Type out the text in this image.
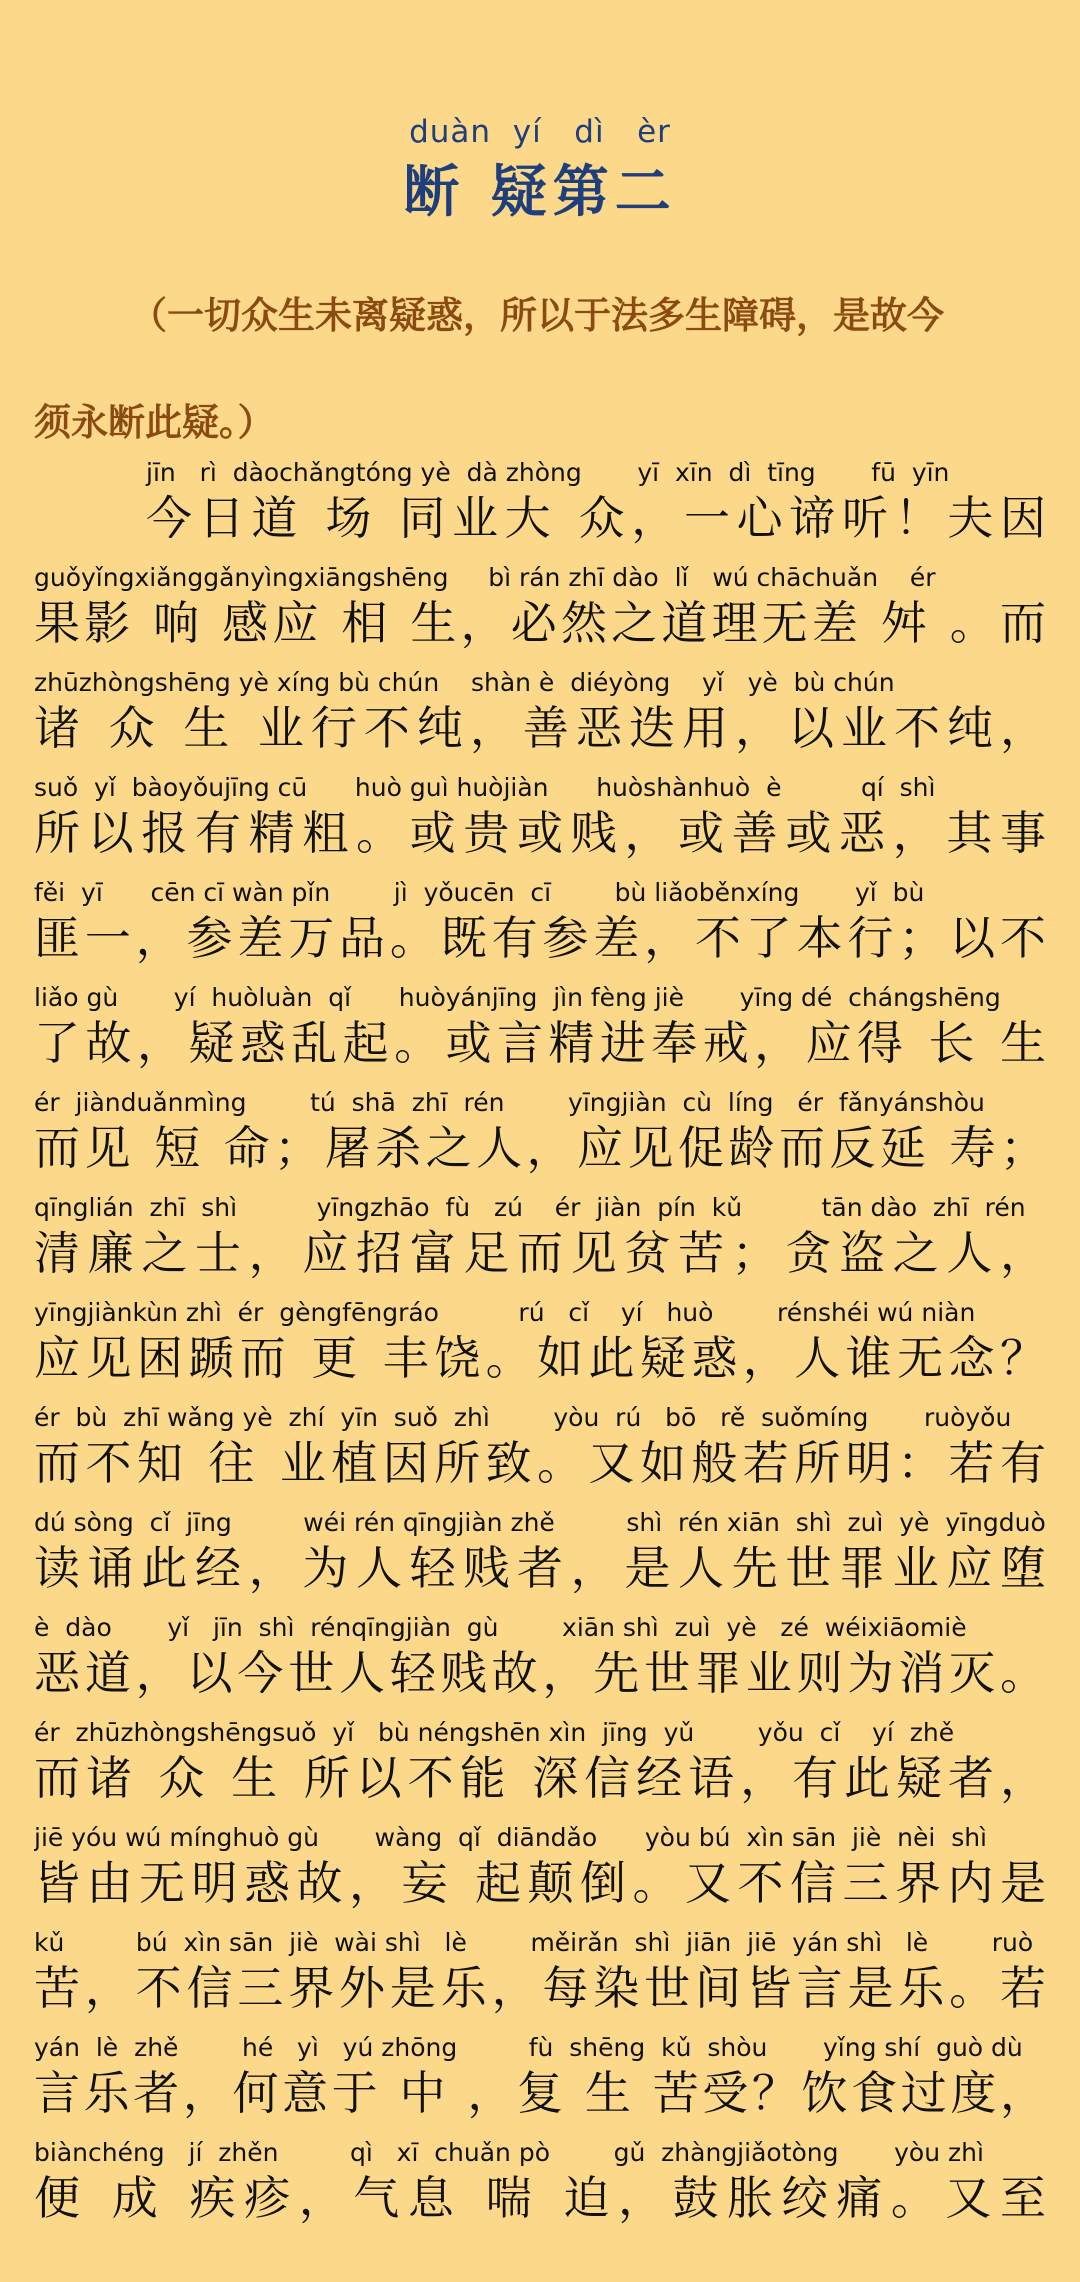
duàn  yí   dì   èr
断 疑第二
（一切众生未离疑惑，所以于法多生障碍，是故今
须永断此疑。）
jīn   rì  dàochǎngtóng yè  dà zhòng       yī  xīn  dì  tīng       fū  yīn
今日道 场 同业大 众，一心谛听！夫因
guǒyǐngxiǎnggǎnyìngxiāngshēng     bì rán zhī dào  lǐ   wú chāchuǎn    ér
果影 响 感应 相 生，必然之道理无差 舛 。而
zhūzhòngshēng yè xíng bù chún    shàn è  diéyòng    yǐ   yè  bù chún
诸 众 生 业行不纯，善恶迭用，以业不纯，
suǒ  yǐ  bàoyǒujīng cū      huò guì huòjiàn      huòshànhuò  è          qí  shì
所以报有精粗。或贵或贱，或善或恶，其事
fěi  yī      cēn cī wàn pǐn        jì  yǒucēn  cī        bù liǎoběnxíng       yǐ  bù
匪一，参差万品。既有参差，不了本行；以不
liǎo gù       yí  huòluàn  qǐ      huòyánjīng  jìn fèng jiè       yīng dé  chángshēng
了故，疑惑乱起。或言精进奉戒，应得 长 生
ér  jiànduǎnmìng        tú  shā  zhī  rén        yīngjiàn  cù  líng   ér  fǎnyánshòu
而见 短 命；屠杀之人，应见促龄而反延 寿；
qīnglián  zhī  shì          yīngzhāo  fù   zú    ér  jiàn  pín  kǔ          tān dào  zhī  rén
清廉之士，应招富足而见贫苦；贪盗之人，
yīngjiànkùn zhì  ér  gèngfēngráo          rú   cǐ    yí   huò        rénshéi wú niàn
应见困踬而 更 丰饶。如此疑惑，人谁无念？
ér  bù  zhī wǎng yè  zhí  yīn  suǒ  zhì        yòu  rú   bō   rě  suǒmíng       ruòyǒu
而不知 往 业植因所致。又如般若所明：若有
dú sòng  cǐ  jīng         wéi rén qīngjiàn zhě         shì  rén xiān  shì  zuì  yè  yīngduò
读诵此经，为人轻贱者，是人先世罪业应堕
è  dào       yǐ   jīn  shì  rénqīngjiàn  gù        xiān shì  zuì  yè   zé  wéixiāomiè
恶道，以今世人轻贱故，先世罪业则为消灭。
ér  zhūzhòngshēngsuǒ  yǐ   bù néngshēn xìn  jīng  yǔ        yǒu  cǐ    yí  zhě
而诸 众 生 所以不能 深信经语，有此疑者，
jiē yóu wú mínghuò gù       wàng  qǐ  diāndǎo      yòu bú  xìn sān  jiè  nèi  shì
皆由无明惑故，妄 起颠倒。又不信三界内是
kǔ         bú  xìn sān  jiè  wài shì   lè        měirǎn  shì  jiān  jiē  yán shì   lè        ruò
苦，不信三界外是乐，每染世间皆言是乐。若
yán  lè  zhě        hé   yì   yú zhōng         fù  shēng  kǔ  shòu       yǐng shí  guò dù
言乐者，何意于 中 ，复 生 苦受？饮食过度，
biànchéng   jí  zhěn         qì   xī  chuǎn pò        gǔ  zhàngjiǎotòng       yòu zhì
便 成 疾疹，气息 喘 迫，鼓胀绞痛。又至
